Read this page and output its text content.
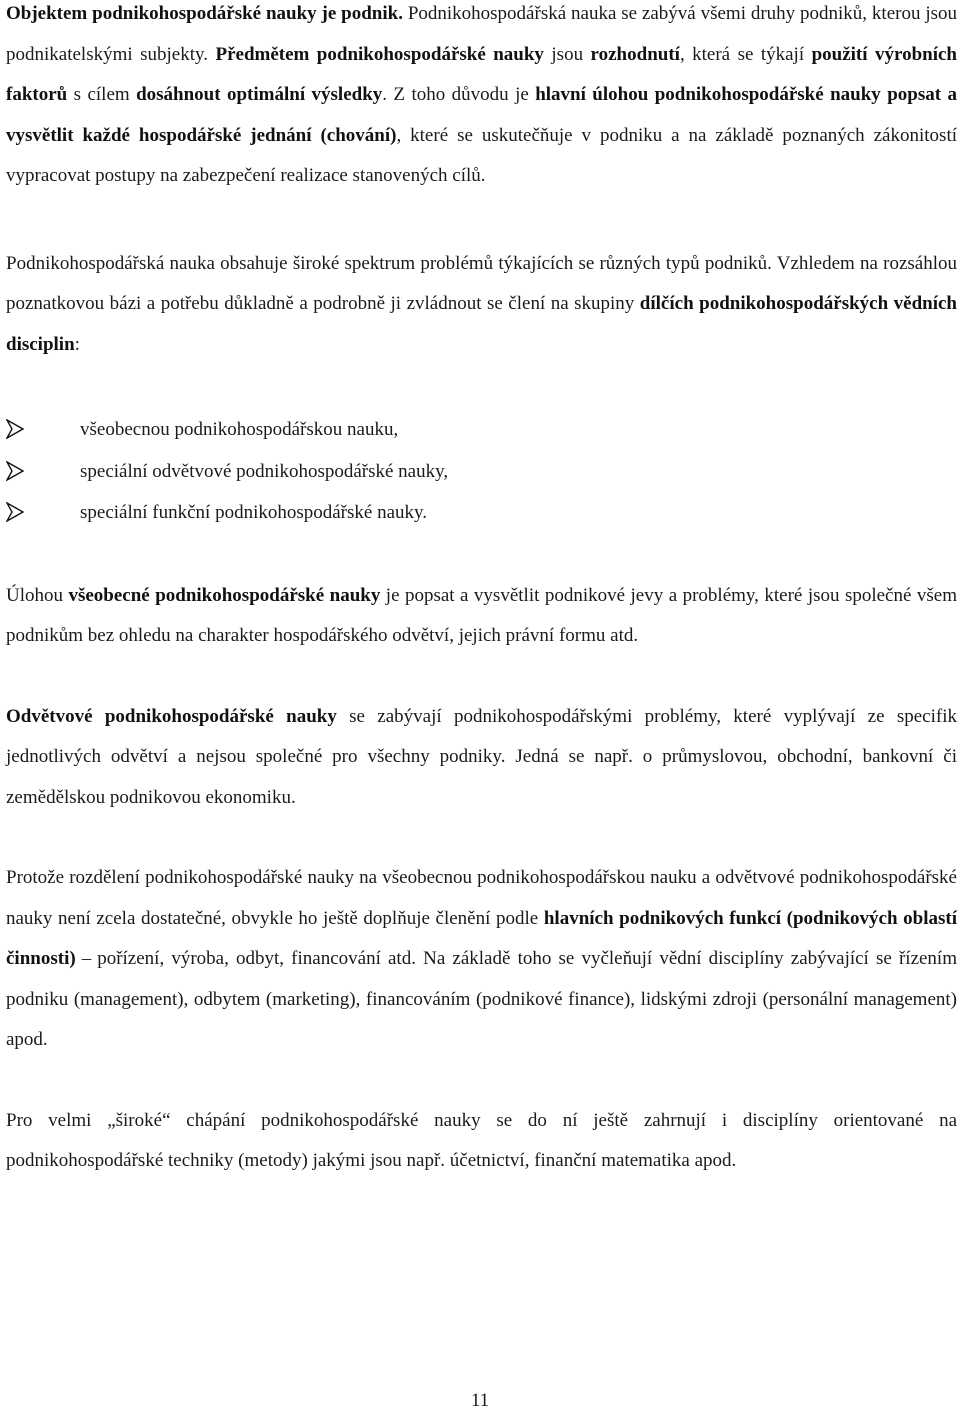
Objektem podnikohospodářské nauky je podnik. Podnikohospodářská nauka se zabývá všemi druhy podniků, kterou jsou podnikatelskými subjekty. Předmětem podnikohospodářské nauky jsou rozhodnutí, která se týkají použití výrobních faktorů s cílem dosáhnout optimální výsledky. Z toho důvodu je hlavní úlohou podnikohospodářské nauky popsat a vysvětlit každé hospodářské jednání (chování), které se uskutečňuje v podniku a na základě poznaných zákonitostí vypracovat postupy na zabezpečení realizace stanovených cílů.

Podnikohospodářská nauka obsahuje široké spektrum problémů týkajících se různých typů podniků. Vzhledem na rozsáhlou poznatkovou bázi a potřebu důkladně a podrobně ji zvládnout se člení na skupiny dílčích podnikohospodářských vědních disciplin:

všeobecnou podnikohospodářskou nauku,
speciální odvětvové podnikohospodářské nauky,
speciální funkční podnikohospodářské nauky.

Úlohou všeobecné podnikohospodářské nauky je popsat a vysvětlit podnikové jevy a problémy, které jsou společné všem podnikům bez ohledu na charakter hospodářského odvětví, jejich právní formu atd.

Odvětvové podnikohospodářské nauky se zabývají podnikohospodářskými problémy, které vyplývají ze specifik jednotlivých odvětví a nejsou společné pro všechny podniky. Jedná se např. o průmyslovou, obchodní, bankovní či zemědělskou podnikovou ekonomiku.

Protože rozdělení podnikohospodářské nauky na všeobecnou podnikohospodářskou nauku a odvětvové podnikohospodářské nauky není zcela dostatečné, obvykle ho ještě doplňuje členění podle hlavních podnikových funkcí (podnikových oblastí činnosti) – pořízení, výroba, odbyt, financování atd. Na základě toho se vyčleňují vědní disciplíny zabývající se řízením podniku (management), odbytem (marketing), financováním (podnikové finance), lidskými zdroji (personální management) apod.

Pro velmi „široké“ chápání podnikohospodářské nauky se do ní ještě zahrnují i disciplíny orientované na podnikohospodářské techniky (metody) jakými jsou např. účetnictví, finanční matematika apod.

11
